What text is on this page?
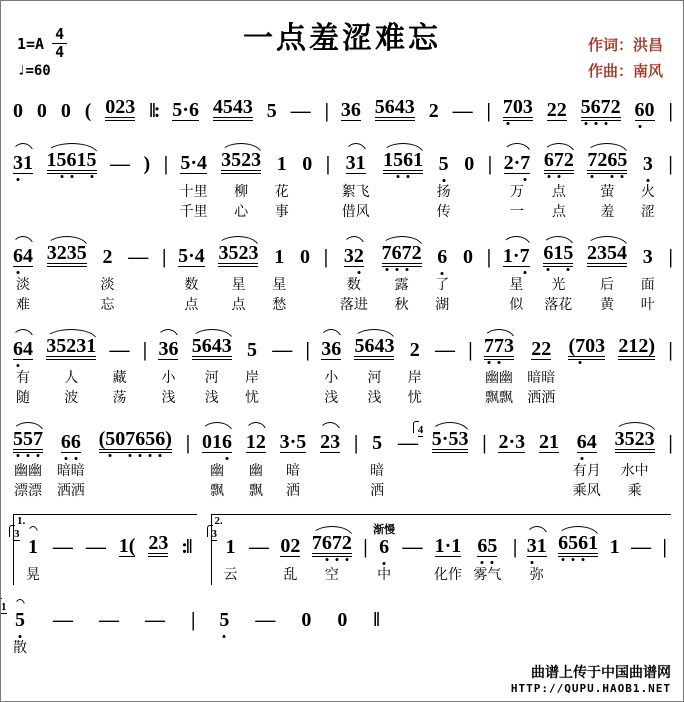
$1=A \frac{4}{4}$
♩=60
一点羞涩难忘	作词：洪昌
作曲：南风
0 0 0 ( 023 ‖: 5·6 4543 5 — | 36 5643 2 — | 703 22 5672 60 |
31 15615 — ) | 5·4
十里
千里
3523
柳
心
1
花
事
0 | 31
絮飞
借风
1561 5
扬
传
0 | 2·7
万
一
672
点
点
7265
萤
羞
3
火
涩
|
64
淡
难
3235 2
淡
忘
— | 5·4
数
点
3523
星
点
1
星
愁
0 | 32
数
落进
7672
露
秋
6
了
湖
0 | 1·7
星
似
615
光
落花
2354
后
黄
3
面
叶
|
64
有
随
35231
人
波
—
藏
荡
| 36
小
浅
5643
河
浅
5
岸
忧
— | 36
小
浅
5643
河
浅
2
岸
忧
— | 773
幽幽
飘飘
22
暗暗
洒洒
(703 212) |
557
幽幽
漂漂
66
暗暗
洒洒
(507656) | 016
幽
飘
12
幽
飘
3·5
暗
洒
23 | 5
暗
洒
—
4 5·53 | 2·3 21 64
有月
乘风
3523
水中
乘
|
1.
3
1
晃
— — 1( 23 :‖
2.
3
1
云
— 02
乱
7672
空
|
渐慢
6
中
— 1·1
化作
65
雾气
| 31
弥
6561 1 — |
1
5
散
— — — | 5 — 0 0 ‖
曲谱上传于中国曲谱网
HTTP://QUPU.HAOB1.NET
